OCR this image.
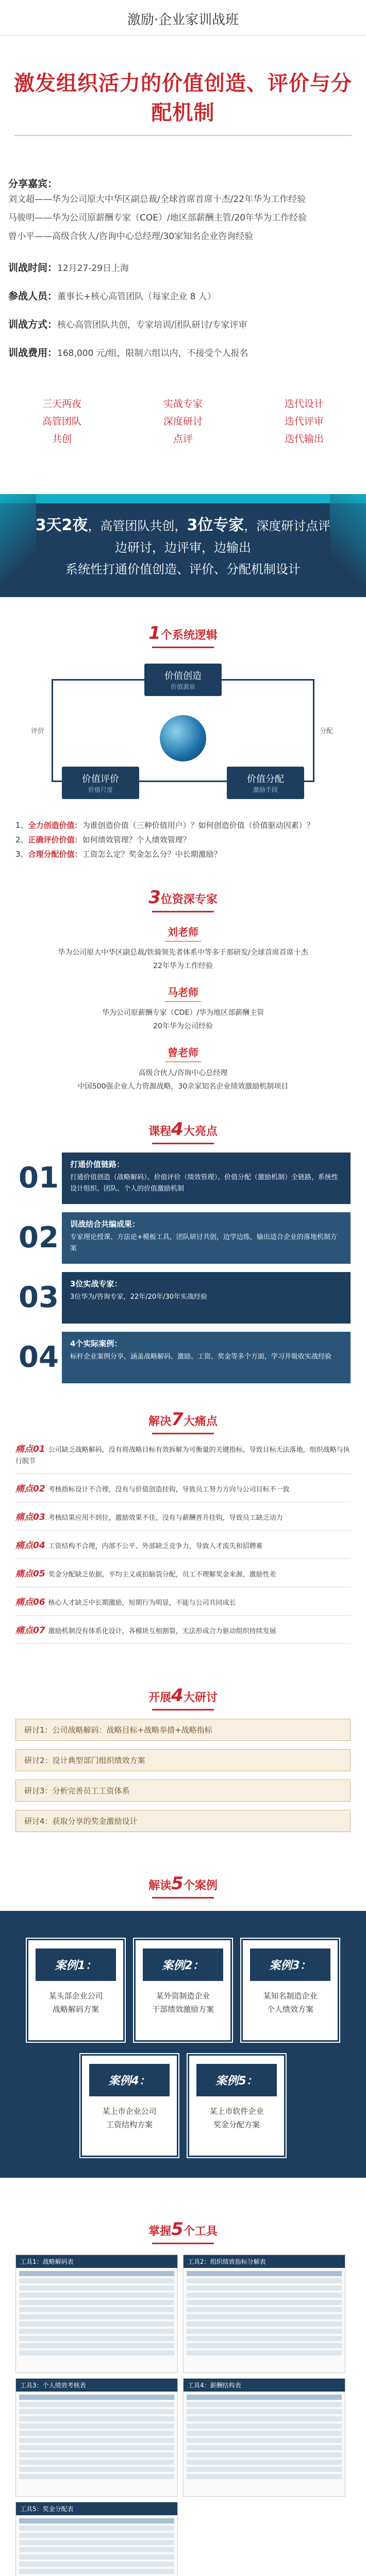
激励·企业家训战班
激发组织活力的价值创造、评价与分配机制
分享嘉宾：
刘文超——华为公司原大中华区副总裁/全球首席首席十杰/22年华为工作经验
马骏明——华为公司原薪酬专家（COE）/地区部薪酬主管/20年华为工作经验
曾小平——高级合伙人/咨询中心总经理/30家知名企业咨询经验
训战时间：12月27-29日上海
参战人员：董事长+核心高管团队（每家企业 8 人）
训战方式：核心高管团队共创，专家培训/团队研讨/专家评审
训战费用：168,000 元/组，限制六组以内，不接受个人报名
三天两夜
高管团队
共创
实战专家
深度研讨
点评
迭代设计
迭代评审
迭代输出
3天2夜，高管团队共创，3位专家，深度研讨点评
边研讨，边评审，边输出
系统性打通价值创造、评价、分配机制设计
1个系统逻辑
价值创造
价值源泉
价值评价
价值尺度
价值分配
激励手段
评价	分配
1、全力创造价值：为谁创造价值（三种价值用户）？如何创造价值（价值驱动因素）？
2、正确评价价值：如何绩效管理？个人绩效管理？
3、合理分配价值：工资怎么定？奖金怎么分？中长期激励？
3位资深专家
刘老师
华为公司原大中华区副总裁/铁骑领先者体系中等多于那研发/全球首席首席十杰
22年华为工作经验
马老师
华为公司原薪酬专家（COE）/华为地区部薪酬主管
20年华为公司经验
曾老师
高级合伙人/咨询中心总经理
中国500强企业人力资源战略，30余家知名企业绩效激励机制项目
课程4大亮点
01	打通价值链路：
打通价值创造（战略解码）、价值评价（绩效管理）、价值分配（激励机制）全链路，系统性设计组织、团队、个人的价值激励机制
02	训战结合共编成果：
专家理论授课、方法论+模板工具，团队研讨共创，边学边练，输出适合企业的落地机制方案
03	3位实战专家：
3位华为/咨询专家，22年/20年/30年实战经验
04	4个实际案例：
标杆企业案例分享，涵盖战略解码、激励、工资、奖金等多个方面，学习并吸收实战经验
解决7大痛点
痛点01 公司缺乏战略解码，没有将战略目标有效拆解为可衡量的关键指标，导致目标无法落地，组织战略与执行脱节
痛点02 考核指标设计不合理，没有与价值创造挂钩，导致员工努力方向与公司目标不一致
痛点03 考核结果应用不到位，激励效果不佳，没有与薪酬晋升挂钩，导致员工缺乏动力
痛点04 工资结构不合理，内部不公平、外部缺乏竞争力，导致人才流失和招聘难
痛点05 奖金分配缺乏依据，平均主义或拍脑袋分配，员工不理解奖金来源，激励性差
痛点06 核心人才缺乏中长期激励，短期行为明显，不能与公司共同成长
痛点07 激励机制没有体系化设计，各模块互相割裂，无法形成合力驱动组织持续发展
开展4大研讨
研讨1：公司战略解码：战略目标+战略举措+战略指标
研讨2：设计典型部门组织绩效方案
研讨3：分析完善员工工资体系
研讨4：获取分享的奖金激励设计
解读5个案例
案例1：
某头部企业公司
战略解码方案
案例2：
某外资制造企业
干部绩效激励方案
案例3：
某知名制造企业
个人绩效方案
案例4：
某上市企业公司
工资结构方案
案例5：
某上市软件企业
奖金分配方案
掌握5个工具
工具1：战略解码表	工具2：组织绩效指标分解表
工具3：个人绩效考核表	工具4：薪酬结构表
工具5：奖金分配表
